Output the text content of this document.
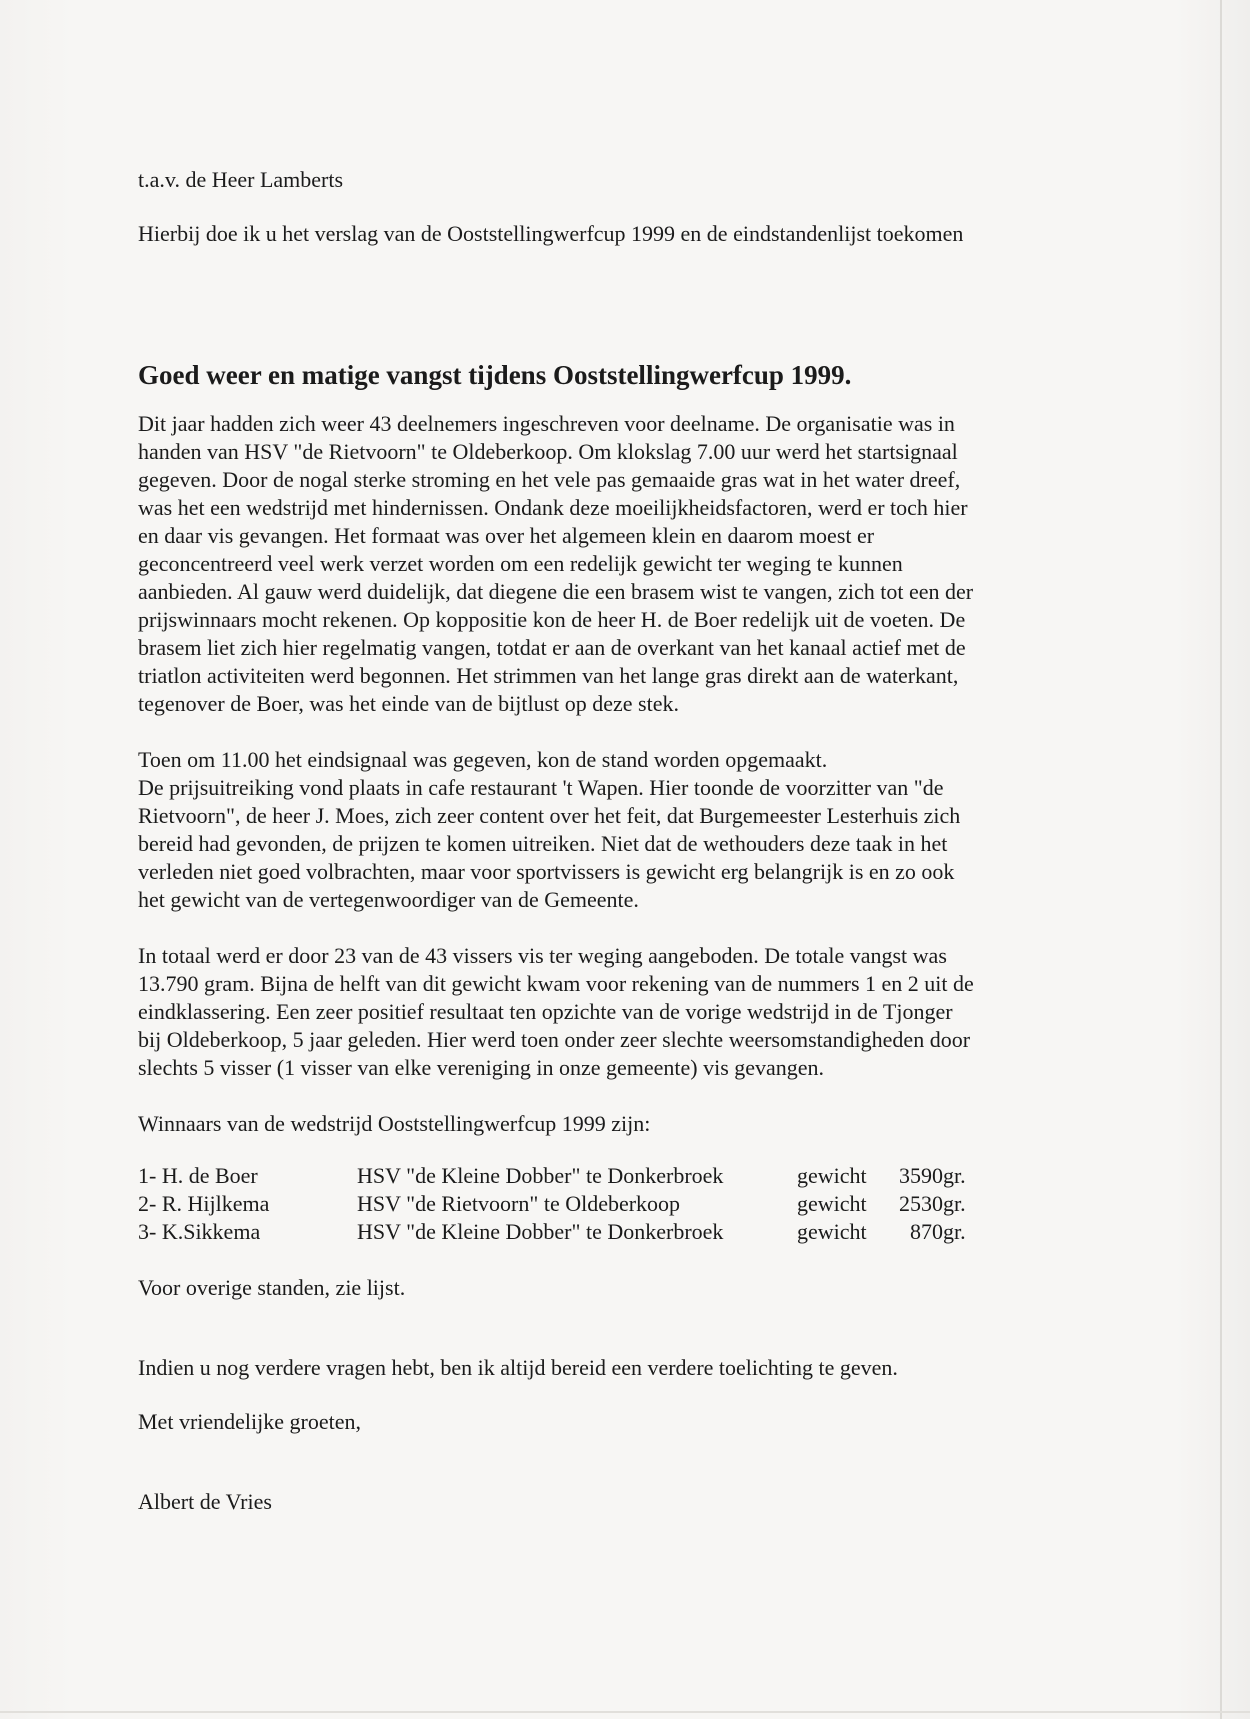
t.a.v. de Heer Lamberts

Hierbij doe ik u het verslag van de Ooststellingwerfcup 1999 en de eindstandenlijst toekomen

Goed weer en matige vangst tijdens Ooststellingwerfcup 1999.

Dit jaar hadden zich weer 43 deelnemers ingeschreven voor deelname. De organisatie was in
handen van HSV "de Rietvoorn" te Oldeberkoop. Om klokslag 7.00 uur werd het startsignaal
gegeven. Door de nogal sterke stroming en het vele pas gemaaide gras wat in het water dreef,
was het een wedstrijd met hindernissen. Ondank deze moeilijkheidsfactoren, werd er toch hier
en daar vis gevangen. Het formaat was over het algemeen klein en daarom moest er
geconcentreerd veel werk verzet worden om een redelijk gewicht ter weging te kunnen
aanbieden. Al gauw werd duidelijk, dat diegene die een brasem wist te vangen, zich tot een der
prijswinnaars mocht rekenen. Op koppositie kon de heer H. de Boer redelijk uit de voeten. De
brasem liet zich hier regelmatig vangen, totdat er aan de overkant van het kanaal actief met de
triatlon activiteiten werd begonnen. Het strimmen van het lange gras direkt aan de waterkant,
tegenover de Boer, was het einde van de bijtlust op deze stek.

Toen om 11.00 het eindsignaal was gegeven, kon de stand worden opgemaakt.
De prijsuitreiking vond plaats in cafe restaurant 't Wapen. Hier toonde de voorzitter van "de
Rietvoorn", de heer J. Moes, zich zeer content over het feit, dat Burgemeester Lesterhuis zich
bereid had gevonden, de prijzen te komen uitreiken. Niet dat de wethouders deze taak in het
verleden niet goed volbrachten, maar voor sportvissers is gewicht erg belangrijk is en zo ook
het gewicht van de vertegenwoordiger van de Gemeente.

In totaal werd er door 23 van de 43 vissers vis ter weging aangeboden. De totale vangst was
13.790 gram. Bijna de helft van dit gewicht kwam voor rekening van de nummers 1 en 2 uit de
eindklassering. Een zeer positief resultaat ten opzichte van de vorige wedstrijd in de Tjonger
bij Oldeberkoop, 5 jaar geleden. Hier werd toen onder zeer slechte weersomstandigheden door
slechts 5 visser (1 visser van elke vereniging in onze gemeente) vis gevangen.

Winnaars van de wedstrijd Ooststellingwerfcup 1999 zijn:

1- H. de Boer	HSV "de Kleine Dobber" te Donkerbroek	gewicht	3590	gr.
2- R. Hijlkema	HSV "de Rietvoorn" te Oldeberkoop	gewicht	2530	gr.
3- K.Sikkema	HSV "de Kleine Dobber" te Donkerbroek	gewicht	870	gr.

Voor overige standen, zie lijst.

Indien u nog verdere vragen hebt, ben ik altijd bereid een verdere toelichting te geven.

Met vriendelijke groeten,

Albert de Vries
